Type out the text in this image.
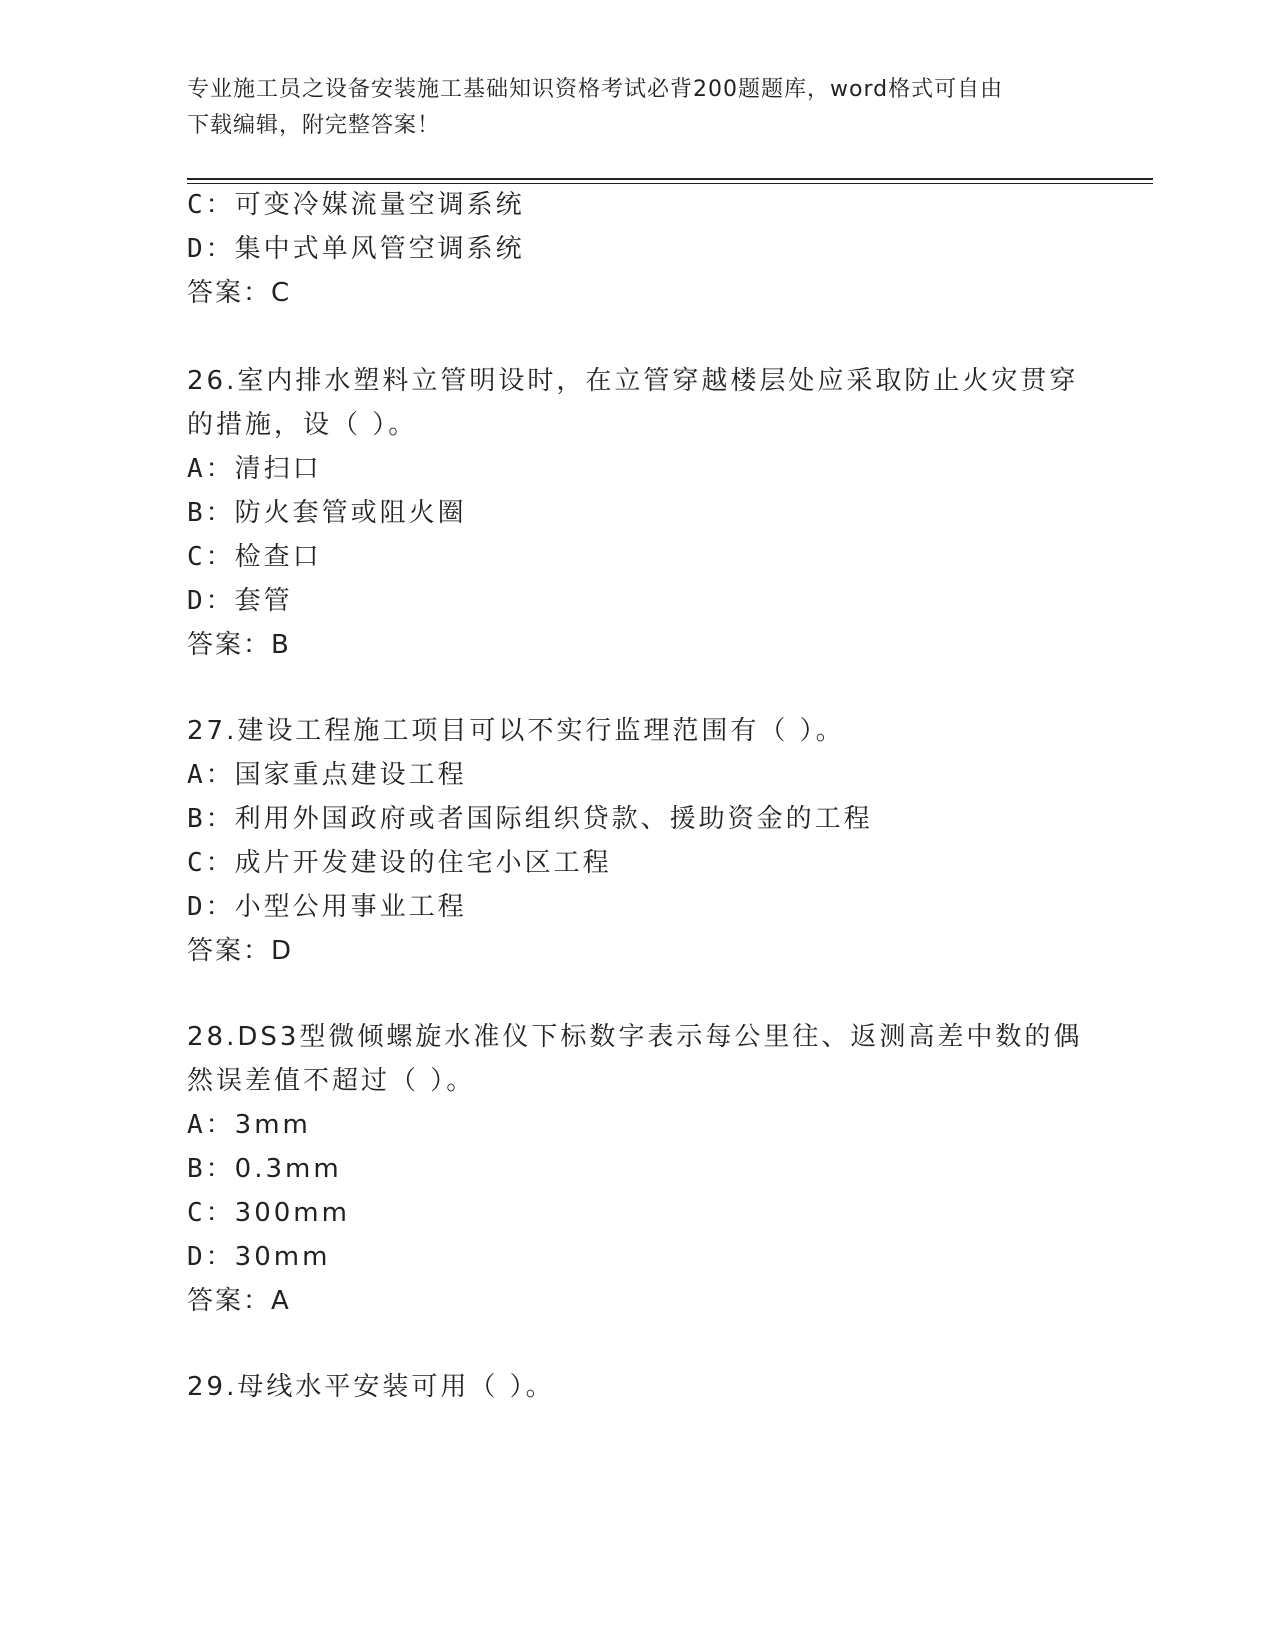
专业施工员之设备安装施工基础知识资格考试必背200题题库，word格式可自由
下载编辑，附完整答案！
C：可变冷媒流量空调系统
D：集中式单风管空调系统
答案：C
26.室内排水塑料立管明设时，在立管穿越楼层处应采取防止火灾贯穿
的措施，设（ ）。
A：清扫口
B：防火套管或阻火圈
C：检查口
D：套管
答案：B
27.建设工程施工项目可以不实行监理范围有（ ）。
A：国家重点建设工程
B：利用外国政府或者国际组织贷款、援助资金的工程
C：成片开发建设的住宅小区工程
D：小型公用事业工程
答案：D
28.DS3型微倾螺旋水准仪下标数字表示每公里往、返测高差中数的偶
然误差值不超过（ ）。
A：3mm
B：0.3mm
C：300mm
D：30mm
答案：A
29.母线水平安装可用（ ）。
